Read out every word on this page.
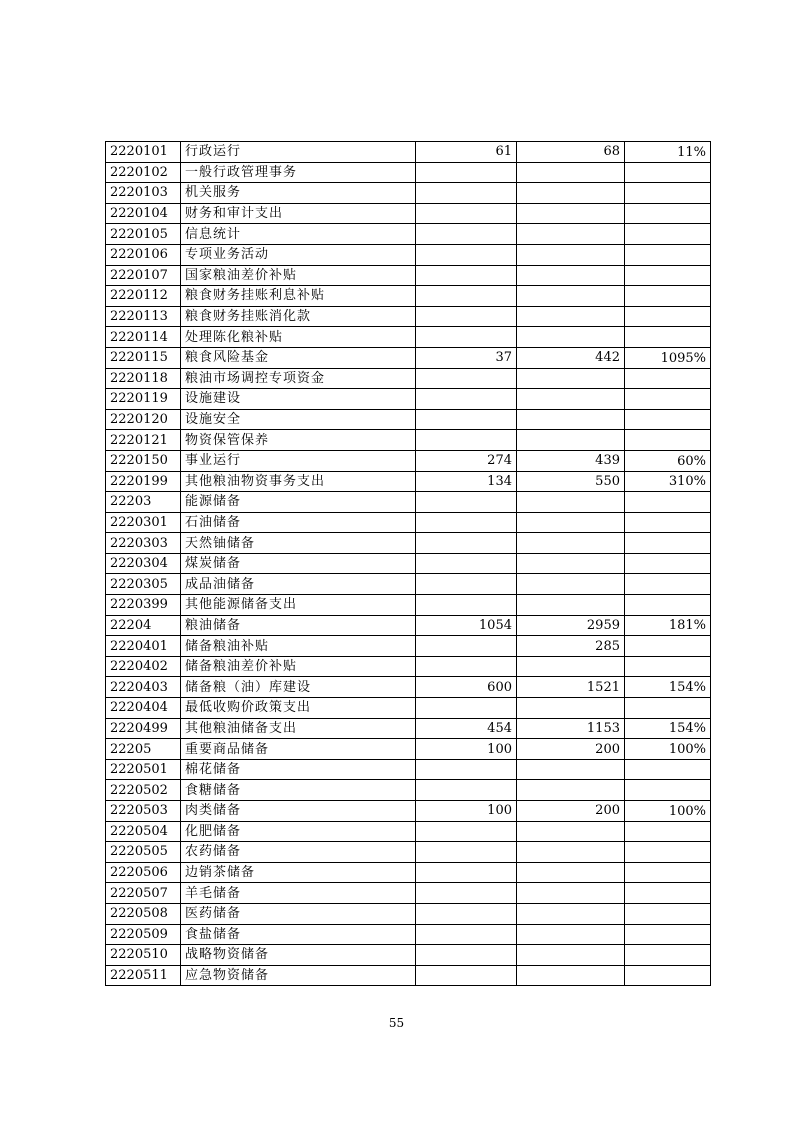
2220101	行政运行	61	68	11%
2220102	一般行政管理事务			
2220103	机关服务			
2220104	财务和审计支出			
2220105	信息统计			
2220106	专项业务活动			
2220107	国家粮油差价补贴			
2220112	粮食财务挂账利息补贴			
2220113	粮食财务挂账消化款			
2220114	处理陈化粮补贴			
2220115	粮食风险基金	37	442	1095%
2220118	粮油市场调控专项资金			
2220119	设施建设			
2220120	设施安全			
2220121	物资保管保养			
2220150	事业运行	274	439	60%
2220199	其他粮油物资事务支出	134	550	310%
22203	能源储备			
2220301	石油储备			
2220303	天然铀储备			
2220304	煤炭储备			
2220305	成品油储备			
2220399	其他能源储备支出			
22204	粮油储备	1054	2959	181%
2220401	储备粮油补贴		285	
2220402	储备粮油差价补贴			
2220403	储备粮（油）库建设	600	1521	154%
2220404	最低收购价政策支出			
2220499	其他粮油储备支出	454	1153	154%
22205	重要商品储备	100	200	100%
2220501	棉花储备			
2220502	食糖储备			
2220503	肉类储备	100	200	100%
2220504	化肥储备			
2220505	农药储备			
2220506	边销茶储备			
2220507	羊毛储备			
2220508	医药储备			
2220509	食盐储备			
2220510	战略物资储备			
2220511	应急物资储备			
55
